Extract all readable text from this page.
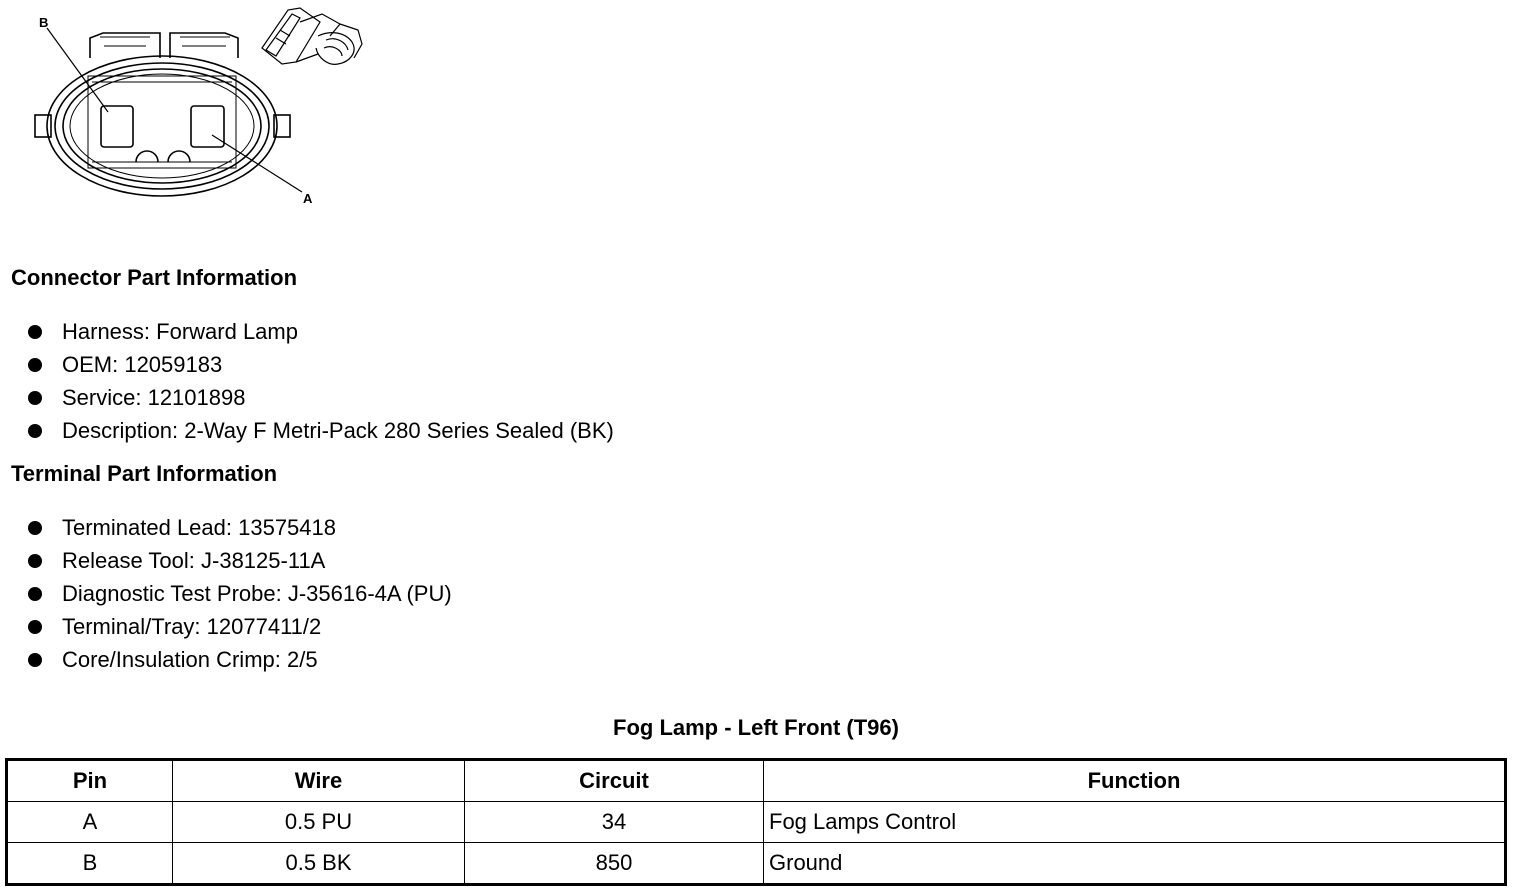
B
A
Connector Part Information
Harness: Forward Lamp
OEM: 12059183
Service: 12101898
Description: 2-Way F Metri-Pack 280 Series Sealed (BK)
Terminal Part Information
Terminated Lead: 13575418
Release Tool: J-38125-11A
Diagnostic Test Probe: J-35616-4A (PU)
Terminal/Tray: 12077411/2
Core/Insulation Crimp: 2/5
Fog Lamp - Left Front (T96)
Pin	Wire	Circuit	Function
A	0.5 PU	34	Fog Lamps Control
B	0.5 BK	850	Ground
